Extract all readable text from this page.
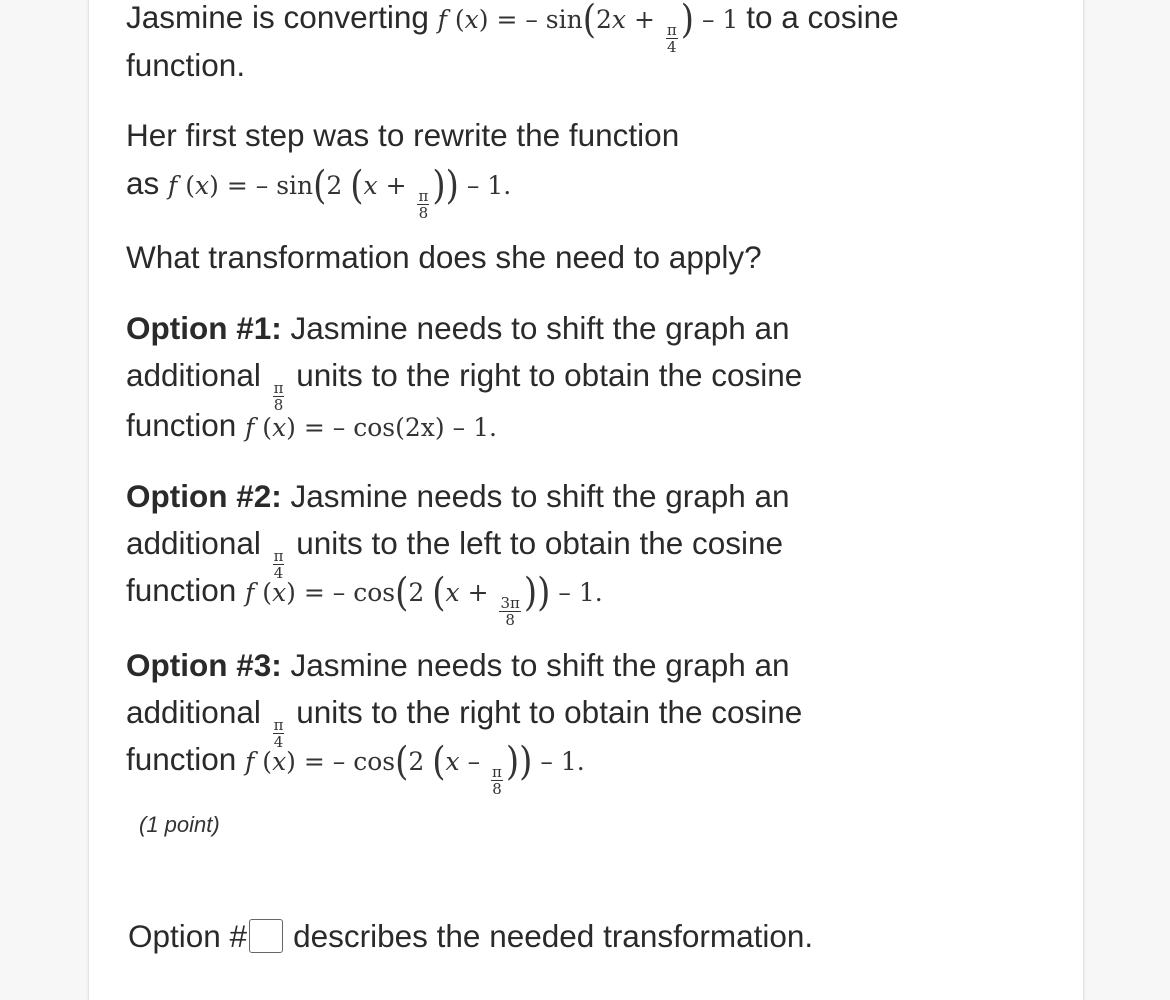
Jasmine is converting f (x) = – sin(2x +
$\frac{\pi}{4}$ ) – 1 to a cosine
function.
Her first step was to rewrite the function
as f (x) = – sin(2 (x +
$\frac{\pi}{8}$ )) – 1.
What transformation does she need to apply?
Option #1: Jasmine needs to shift the graph an
additional
$\frac{\pi}{8}$
units to the right to obtain the cosine
function f (x) = – cos(2x) – 1.
Option #2: Jasmine needs to shift the graph an
additional
$\frac{\pi}{4}$
units to the left to obtain the cosine
function f (x) = – cos(2 (x +
$\frac{3\pi}{8}$ )) – 1.
Option #3: Jasmine needs to shift the graph an
additional
$\frac{\pi}{4}$
units to the right to obtain the cosine
function f (x) = – cos(2 (x –
$\frac{\pi}{8}$ )) – 1.
(1 point)
Option # describes the needed transformation.
